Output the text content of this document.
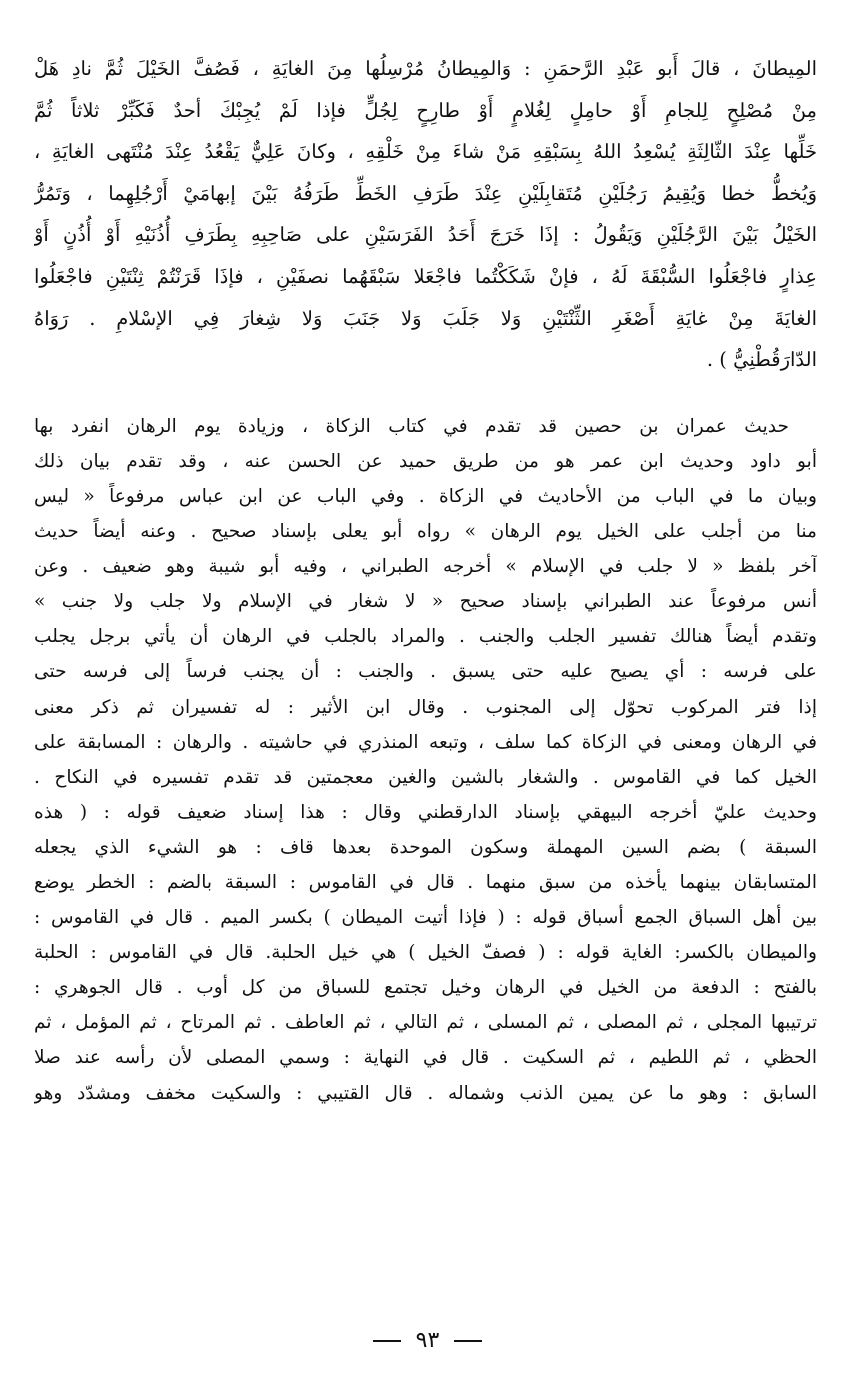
المِيطانَ ، قالَ أَبو عَبْدِ الرَّحمَنِ : وَالمِيطانُ مُرْسِلُها مِنَ الغايَةِ ، فَصُفَّ الخَيْلَ ثُمَّ نادِ هَلْ
مِنْ مُصْلِحٍ لِلجامِ أَوْ حامِلٍ لِغُلامٍ أَوْ طارِحٍ لِجُلٍّ فإذا لَمْ يُجِبْكَ أحدٌ فَكَبِّرْ ثلاثاً ثُمَّ
خَلِّها عِنْدَ الثّالِثَةِ يُسْعِدُ اللهُ بِسَبْقِهِ مَنْ شاءَ مِنْ خَلْقِهِ ، وكانَ عَلِيٌّ يَقْعُدُ عِنْدَ مُنْتَهى الغايَةِ ،
وَيُخطُّ خطا وَيُقِيمُ رَجُلَيْنِ مُتَقابِلَيْنِ عِنْدَ طَرَفِ الخَطِّ طَرَفُهُ بَيْنَ إبهامَيْ أَرْجُلِهِما ، وَتَمُرُّ
الخَيْلُ بَيْنَ الرَّجُلَيْنِ وَيَقُولُ : إذَا خَرَجَ أَحَدُ الفَرَسَيْنِ على صَاحِبِهِ بِطَرَفِ أُذُنَيْهِ أَوْ أُذُنٍ أَوْ
عِذارٍ فاجْعَلُوا السُّبْقَةَ لَهُ ، فإنْ شَكَكْتُما فاجْعَلا سَبْقَهُما نصفَيْنِ ، فإذَا قَرَنْتُمْ ثِنْتَيْنِ فاجْعَلُوا
الغايَةَ مِنْ غايَةِ أَصْغَرِ الثِّنْتَيْنِ وَلا جَلَبَ وَلا جَنَبَ وَلا شِغارَ فِي الإسْلامِ . رَوَاهُ
الدّارَقُطْنِيُّ ) .
حديث عمران بن حصين قد تقدم في كتاب الزكاة ، وزيادة يوم الرهان انفرد بها
أبو داود وحديث ابن عمر هو من طريق حميد عن الحسن عنه ، وقد تقدم بيان ذلك
وبيان ما في الباب من الأحاديث في الزكاة . وفي الباب عن ابن عباس مرفوعاً « ليس
منا من أجلب على الخيل يوم الرهان » رواه أبو يعلى بإسناد صحيح . وعنه أيضاً حديث
آخر بلفظ « لا جلب في الإسلام » أخرجه الطبراني ، وفيه أبو شيبة وهو ضعيف . وعن
أنس مرفوعاً عند الطبراني بإسناد صحيح « لا شغار في الإسلام ولا جلب ولا جنب »
وتقدم أيضاً هنالك تفسير الجلب والجنب . والمراد بالجلب في الرهان أن يأتي برجل يجلب
على فرسه : أي يصيح عليه حتى يسبق . والجنب : أن يجنب فرساً إلى فرسه حتى
إذا فتر المركوب تحوّل إلى المجنوب . وقال ابن الأثير : له تفسيران ثم ذكر معنى
في الرهان ومعنى في الزكاة كما سلف ، وتبعه المنذري في حاشيته . والرهان : المسابقة على
الخيل كما في القاموس . والشغار بالشين والغين معجمتين قد تقدم تفسيره في النكاح .
وحديث عليّ أخرجه البيهقي بإسناد الدارقطني وقال : هذا إسناد ضعيف قوله : ( هذه
السبقة ) بضم السين المهملة وسكون الموحدة بعدها قاف : هو الشيء الذي يجعله
المتسابقان بينهما يأخذه من سبق منهما . قال في القاموس : السبقة بالضم : الخطر يوضع
بين أهل السباق الجمع أسباق قوله : ( فإذا أتيت الميطان ) بكسر الميم . قال في القاموس :
والميطان بالكسر: الغاية قوله : ( فصفّ الخيل ) هي خيل الحلبة. قال في القاموس : الحلبة
بالفتح : الدفعة من الخيل في الرهان وخيل تجتمع للسباق من كل أوب . قال الجوهري :
ترتيبها المجلى ، ثم المصلى ، ثم المسلى ، ثم التالي ، ثم العاطف . ثم المرتاح ، ثم المؤمل ، ثم
الحظي ، ثم اللطيم ، ثم السكيت . قال في النهاية : وسمي المصلى لأن رأسه عند صلا
السابق : وهو ما عن يمين الذنب وشماله . قال القتيبي : والسكيت مخفف ومشدّد وهو
٩٣
